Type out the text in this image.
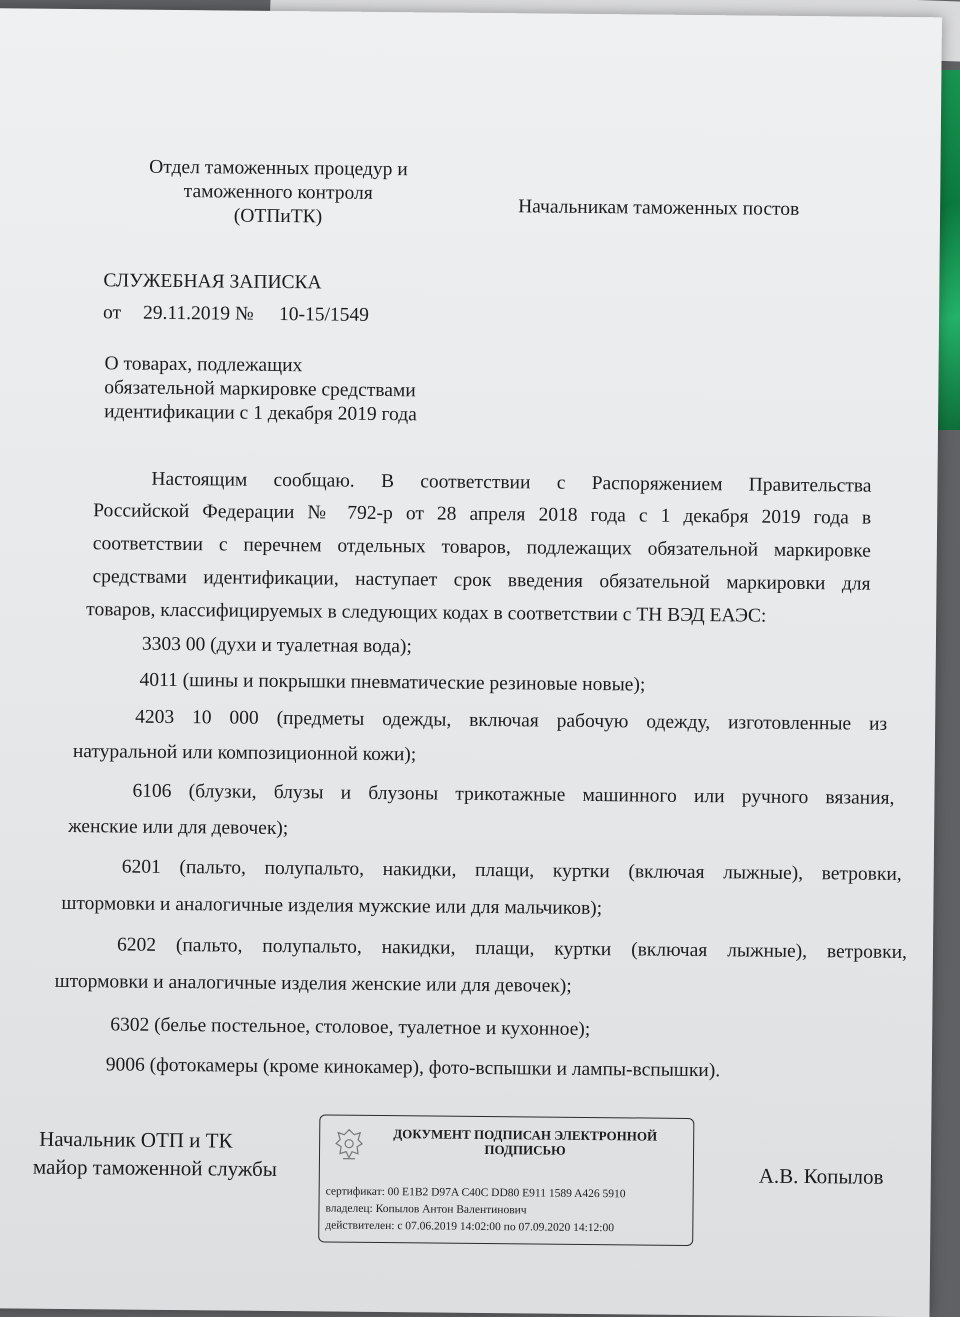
Отдел таможенных процедур и
таможенного контроля
(ОТПиТК)	Начальникам таможенных постов
СЛУЖЕБНАЯ ЗАПИСКА
от 29.11.2019 № 10-15/1549
О товарах, подлежащих
обязательной маркировке средствами
идентификации с 1 декабря 2019 года
Настоящим сообщаю. В соответствии с Распоряжением Правительства
Российской Федерации № 792-р от 28 апреля 2018 года с 1 декабря 2019 года в
соответствии с перечнем отдельных товаров, подлежащих обязательной маркировке
средствами идентификации, наступает срок введения обязательной маркировки для
товаров, классифицируемых в следующих кодах в соответствии с ТН ВЭД ЕАЭС:
3303 00 (духи и туалетная вода);
4011 (шины и покрышки пневматические резиновые новые);
4203 10 000 (предметы одежды, включая рабочую одежду, изготовленные из
натуральной или композиционной кожи);
6106 (блузки, блузы и блузоны трикотажные машинного или ручного вязания,
женские или для девочек);
6201 (пальто, полупальто, накидки, плащи, куртки (включая лыжные), ветровки,
штормовки и аналогичные изделия мужские или для мальчиков);
6202 (пальто, полупальто, накидки, плащи, куртки (включая лыжные), ветровки,
штормовки и аналогичные изделия женские или для девочек);
6302 (белье постельное, столовое, туалетное и кухонное);
9006 (фотокамеры (кроме кинокамер), фото-вспышки и лампы-вспышки).
Начальник ОТП и ТК
майор таможенной службы	А.В. Копылов
ДОКУМЕНТ ПОДПИСАН ЭЛЕКТРОННОЙ
ПОДПИСЬЮ
сертификат: 00 E1B2 D97A C40C DD80 E911 1589 A426 5910
владелец: Копылов Антон Валентинович
действителен: с 07.06.2019 14:02:00 по 07.09.2020 14:12:00
